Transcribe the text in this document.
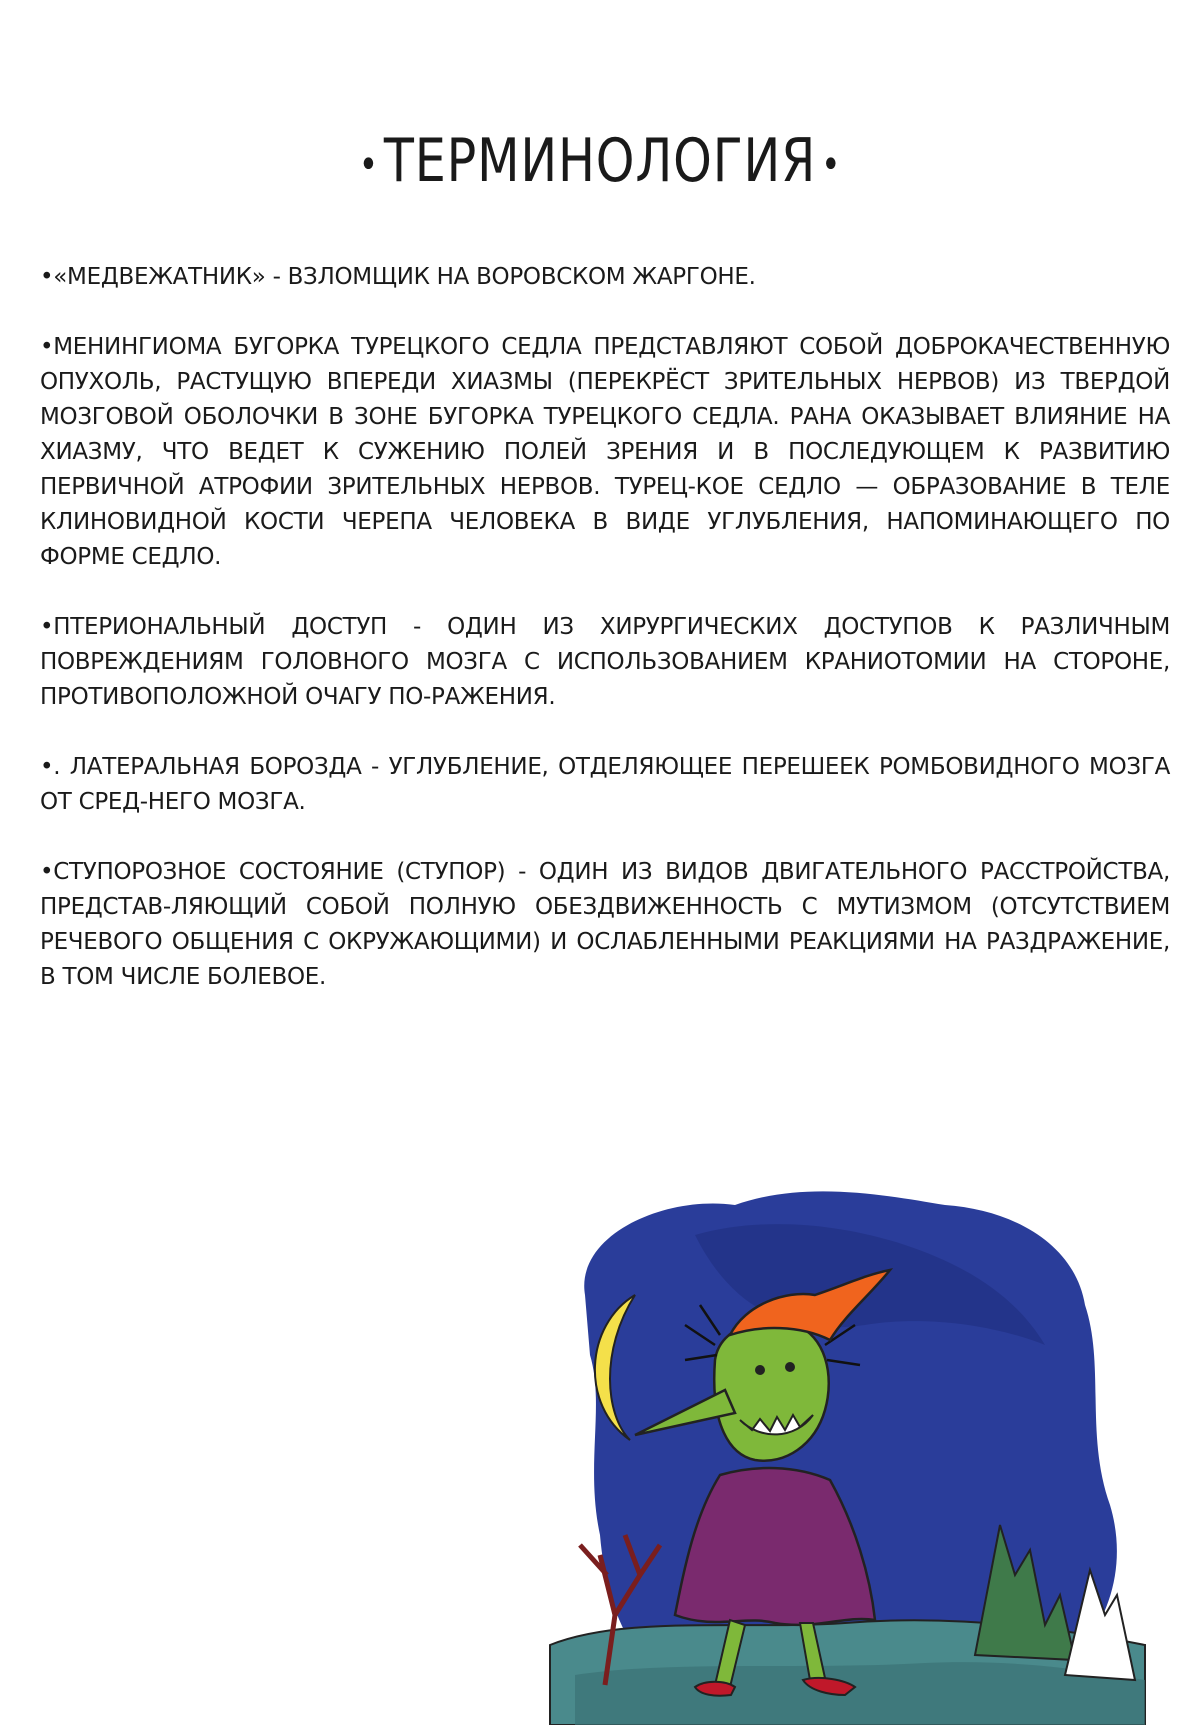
•ТЕРМИНОЛОГИЯ •

•«МЕДВЕЖАТНИК» - ВЗЛОМЩИК НА ВОРОВСКОМ ЖАРГОНЕ.

•МЕНИНГИОМА БУГОРКА ТУРЕЦКОГО СЕДЛА ПРЕДСТАВЛЯЮТ СОБОЙ ДОБРОКАЧЕСТВЕННУЮ ОПУХОЛЬ, РАСТУЩУЮ ВПЕРЕДИ ХИАЗМЫ (ПЕРЕКРЁСТ ЗРИТЕЛЬНЫХ НЕРВОВ) ИЗ ТВЕРДОЙ МОЗГОВОЙ ОБОЛОЧКИ В ЗОНЕ БУГОРКА ТУРЕЦКОГО СЕДЛА. РАНА ОКАЗЫВАЕТ ВЛИЯНИЕ НА ХИАЗМУ, ЧТО ВЕДЕТ К СУЖЕНИЮ ПОЛЕЙ ЗРЕНИЯ И В ПОСЛЕДУЮЩЕМ К РАЗВИТИЮ ПЕРВИЧНОЙ АТРОФИИ ЗРИТЕЛЬНЫХ НЕРВОВ. ТУРЕЦ-КОЕ СЕДЛО — ОБРАЗОВАНИЕ В ТЕЛЕ КЛИНОВИДНОЙ КОСТИ ЧЕРЕПА ЧЕЛОВЕКА В ВИДЕ УГЛУБЛЕНИЯ, НАПОМИНАЮЩЕГО ПО ФОРМЕ СЕДЛО.

•ПТЕРИОНАЛЬНЫЙ ДОСТУП - ОДИН ИЗ ХИРУРГИЧЕСКИХ ДОСТУПОВ К РАЗЛИЧНЫМ ПОВРЕЖДЕНИЯМ ГОЛОВНОГО МОЗГА С ИСПОЛЬЗОВАНИЕМ КРАНИОТОМИИ НА СТОРОНЕ, ПРОТИВОПОЛОЖНОЙ ОЧАГУ ПО-РАЖЕНИЯ.

•. ЛАТЕРАЛЬНАЯ БОРОЗДА - УГЛУБЛЕНИЕ, ОТДЕЛЯЮЩЕЕ ПЕРЕШЕЕК РОМБОВИДНОГО МОЗГА ОТ СРЕД-НЕГО МОЗГА.

•СТУПОРОЗНОЕ СОСТОЯНИЕ (СТУПОР) - ОДИН ИЗ ВИДОВ ДВИГАТЕЛЬНОГО РАССТРОЙСТВА, ПРЕДСТАВ-ЛЯЮЩИЙ СОБОЙ ПОЛНУЮ ОБЕЗДВИЖЕННОСТЬ С МУТИЗМОМ (ОТСУТСТВИЕМ РЕЧЕВОГО ОБЩЕНИЯ С ОКРУЖАЮЩИМИ) И ОСЛАБЛЕННЫМИ РЕАКЦИЯМИ НА РАЗДРАЖЕНИЕ, В ТОМ ЧИСЛЕ БОЛЕВОЕ.
